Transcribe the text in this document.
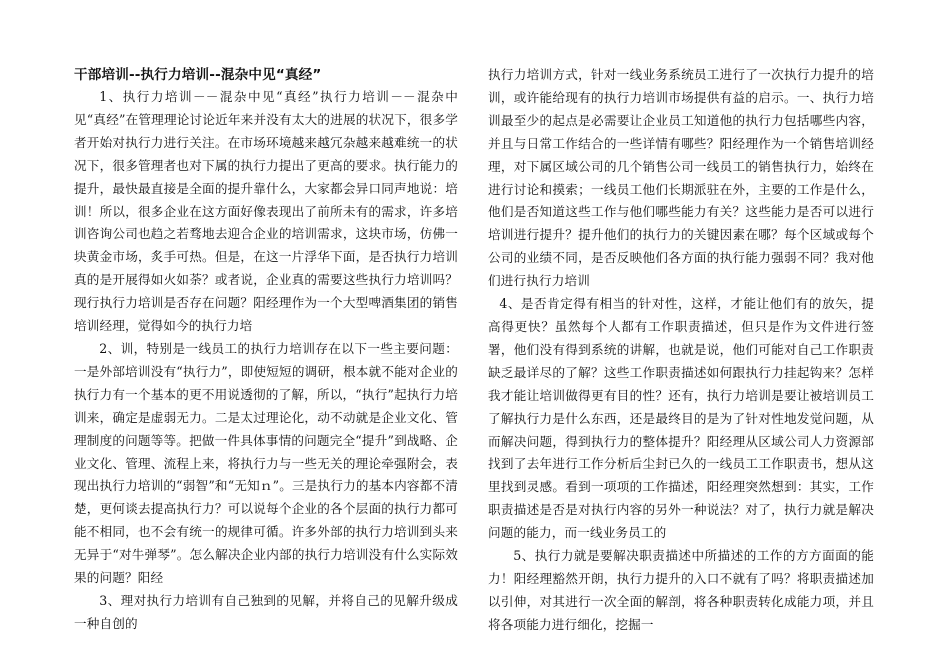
干部培训--执行力培训--混杂中见“真经”

1、执行力培训－－混杂中见“真经”执行力培训－－混杂中见“真经”在管理理论讨论近年来并没有太大的进展的状况下，很多学者开始对执行力进行关注。在市场环境越来越冗杂越来越难统一的状况下，很多管理者也对下属的执行力提出了更高的要求。执行能力的提升，最快最直接是全面的提升靠什么，大家都会异口同声地说：培训！所以，很多企业在这方面好像表现出了前所未有的需求，许多培训咨询公司也趋之若骛地去迎合企业的培训需求，这块市场，仿佛一块黄金市场，炙手可热。但是，在这一片浮华下面，是否执行力培训真的是开展得如火如荼？或者说，企业真的需要这些执行力培训吗？现行执行力培训是否存在问题？阳经理作为一个大型啤酒集团的销售培训经理，觉得如今的执行力培

2、训，特别是一线员工的执行力培训存在以下一些主要问题：一是外部培训没有“执行力”，即使短短的调研，根本就不能对企业的执行力有一个基本的更不用说透彻的了解，所以，“执行”起执行力培训来，确定是虚弱无力。二是太过理论化，动不动就是企业文化、管理制度的问题等等。把做一件具体事情的问题完全“提升”到战略、企业文化、管理、流程上来，将执行力与一些无关的理论牵强附会，表现出执行力培训的“弱智”和“无知ｎ”。三是执行力的基本内容都不清楚，更何谈去提高执行力？可以说每个企业的各个层面的执行力都可能不相同，也不会有统一的规律可循。许多外部的执行力培训到头来无异于“对牛弹琴”。怎么解决企业内部的执行力培训没有什么实际效果的问题？阳经

3、理对执行力培训有自己独到的见解，并将自己的见解升级成一种自创的

执行力培训方式，针对一线业务系统员工进行了一次执行力提升的培训，或许能给现有的执行力培训市场提供有益的启示。一、执行力培训最至少的起点是必需要让企业员工知道他的执行力包括哪些内容，并且与日常工作结合的一些详情有哪些？阳经理作为一个销售培训经理，对下属区域公司的几个销售公司一线员工的销售执行力，始终在进行讨论和摸索；一线员工他们长期派驻在外，主要的工作是什么，他们是否知道这些工作与他们哪些能力有关？这些能力是否可以进行培训进行提升？提升他们的执行力的关键因素在哪？每个区域或每个公司的业绩不同，是否反映他们各方面的执行能力强弱不同？我对他们进行执行力培训

4、是否肯定得有相当的针对性，这样，才能让他们有的放矢，提高得更快？虽然每个人都有工作职责描述，但只是作为文件进行签署，他们没有得到系统的讲解，也就是说，他们可能对自己工作职责缺乏最详尽的了解？这些工作职责描述如何跟执行力挂起钩来？怎样我才能让培训做得更有目的性？还有，执行力培训是要让被培训员工了解执行力是什么东西，还是最终目的是为了针对性地发觉问题，从而解决问题，得到执行力的整体提升？阳经理从区域公司人力资源部找到了去年进行工作分析后尘封已久的一线员工工作职责书，想从这里找到灵感。看到一项项的工作描述，阳经理突然想到：其实，工作职责描述是否是对执行内容的另外一种说法？对了，执行力就是解决问题的能力，而一线业务员工的

5、执行力就是要解决职责描述中所描述的工作的方方面面的能力！阳经理豁然开朗，执行力提升的入口不就有了吗？将职责描述加以引伸，对其进行一次全面的解剖，将各种职责转化成能力项，并且将各项能力进行细化，挖掘一
